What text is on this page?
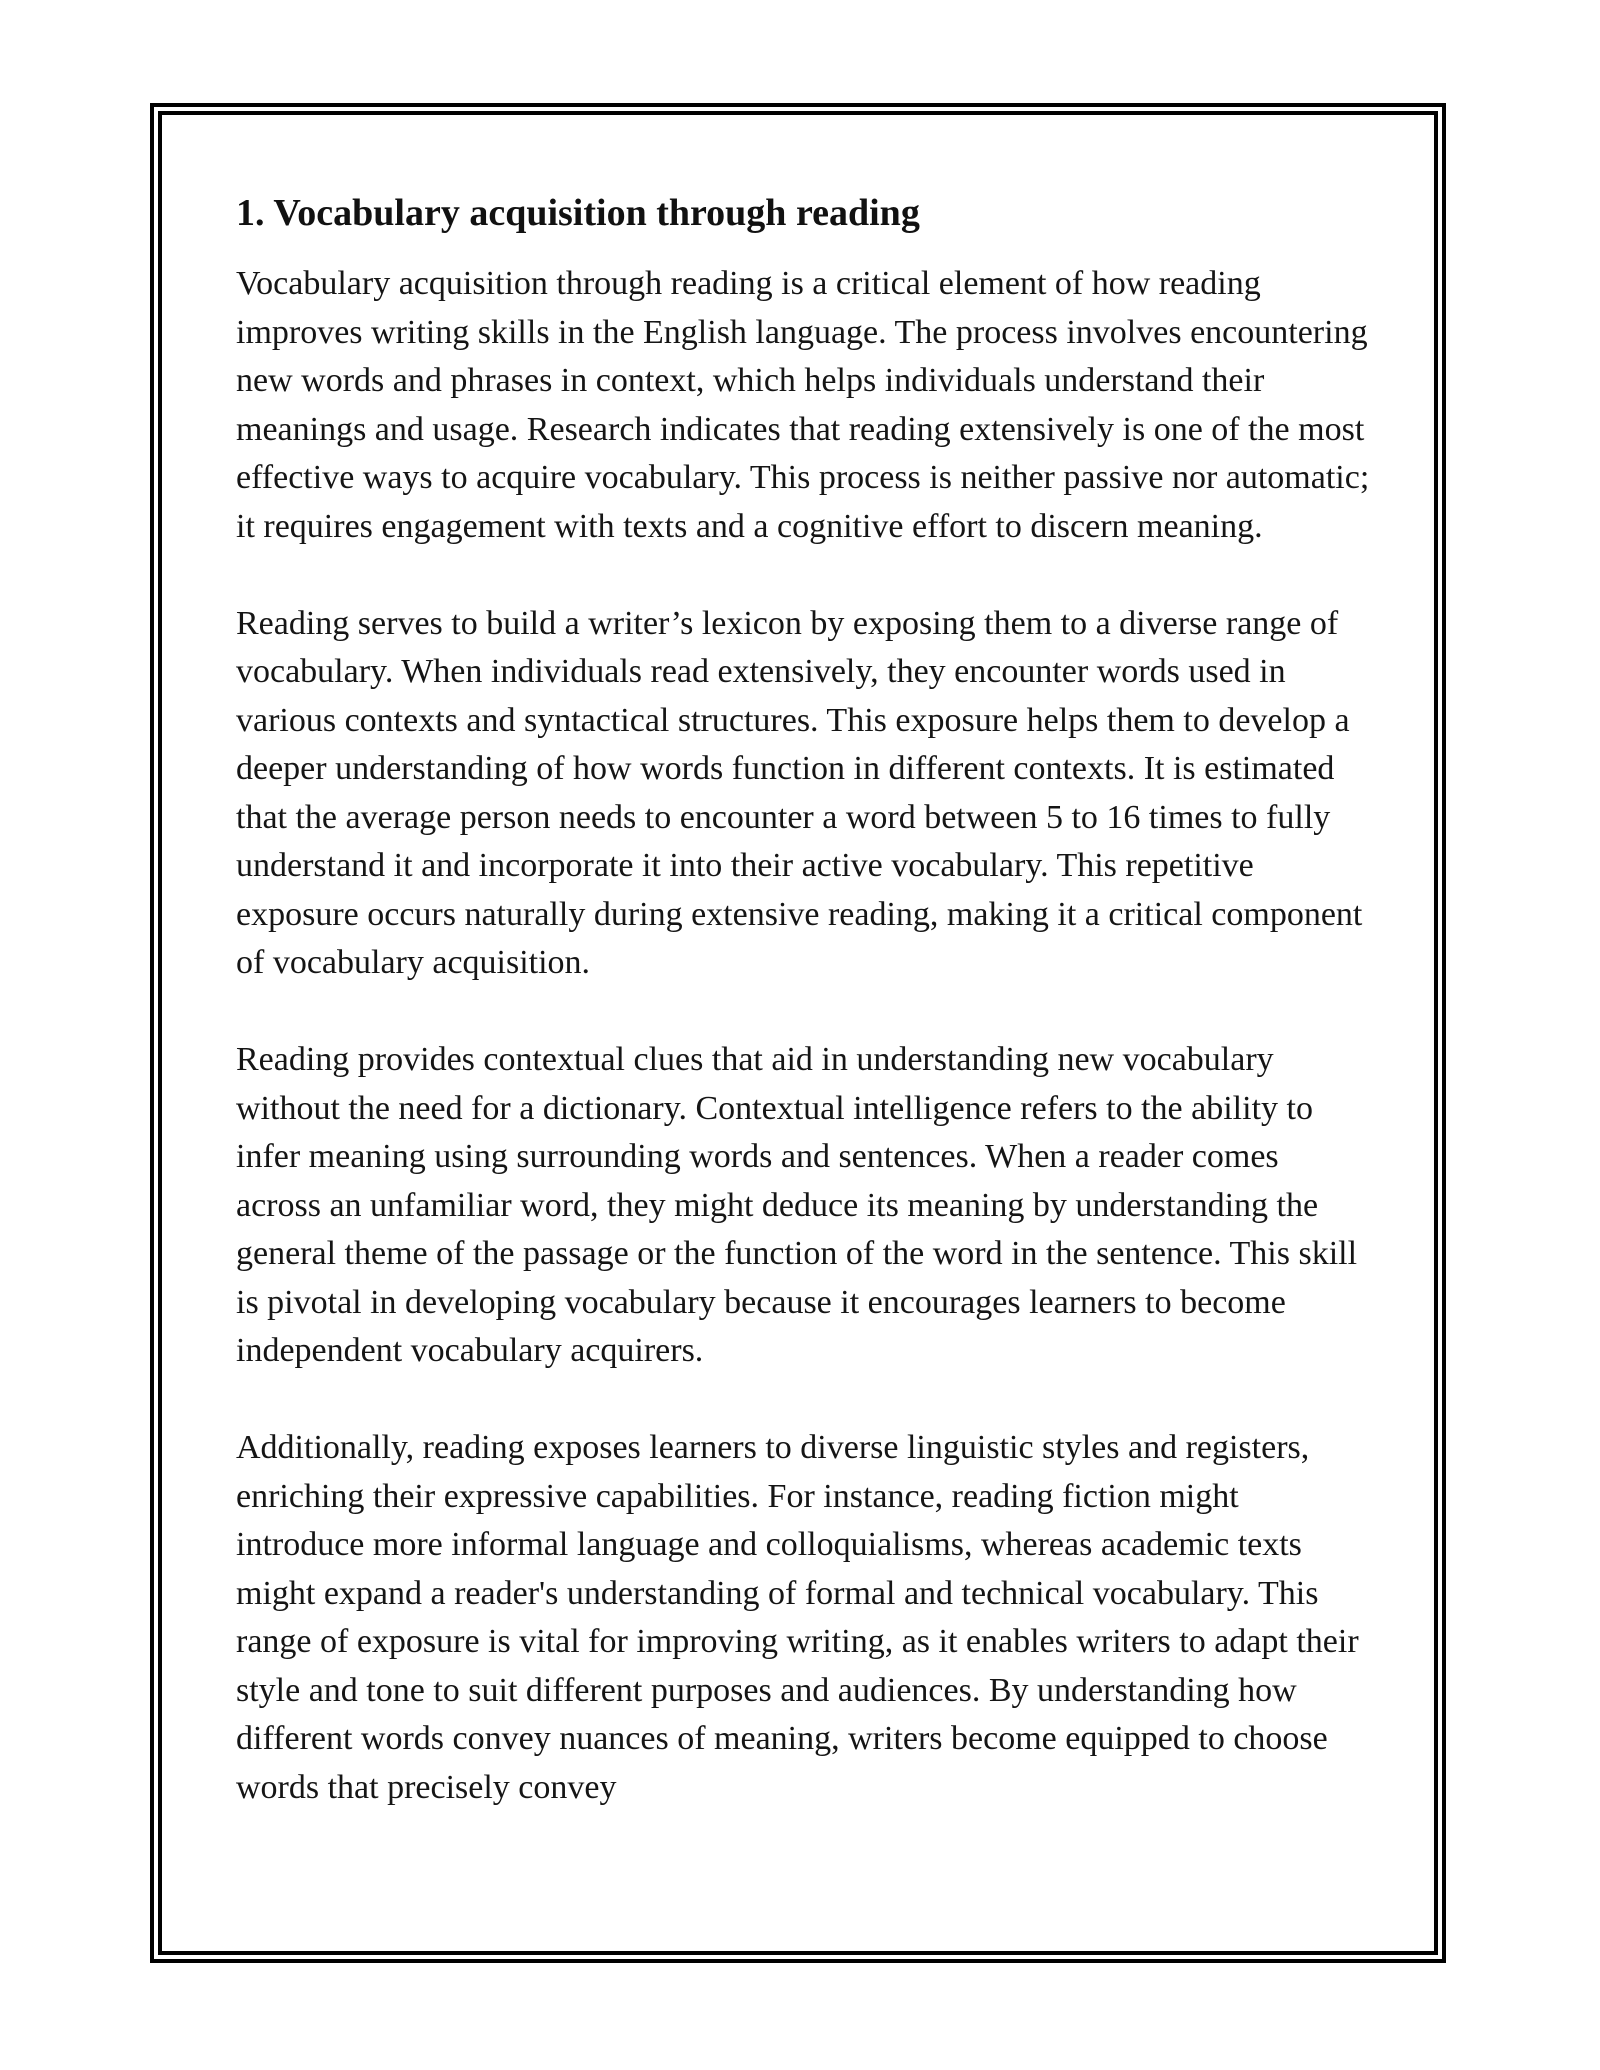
1. Vocabulary acquisition through reading

Vocabulary acquisition through reading is a critical element of how reading improves writing skills in the English language. The process involves encountering new words and phrases in context, which helps individuals understand their meanings and usage. Research indicates that reading extensively is one of the most effective ways to acquire vocabulary. This process is neither passive nor automatic; it requires engagement with texts and a cognitive effort to discern meaning.

Reading serves to build a writer’s lexicon by exposing them to a diverse range of vocabulary. When individuals read extensively, they encounter words used in various contexts and syntactical structures. This exposure helps them to develop a deeper understanding of how words function in different contexts. It is estimated that the average person needs to encounter a word between 5 to 16 times to fully understand it and incorporate it into their active vocabulary. This repetitive exposure occurs naturally during extensive reading, making it a critical component of vocabulary acquisition.

Reading provides contextual clues that aid in understanding new vocabulary without the need for a dictionary. Contextual intelligence refers to the ability to infer meaning using surrounding words and sentences. When a reader comes across an unfamiliar word, they might deduce its meaning by understanding the general theme of the passage or the function of the word in the sentence. This skill is pivotal in developing vocabulary because it encourages learners to become independent vocabulary acquirers.

Additionally, reading exposes learners to diverse linguistic styles and registers, enriching their expressive capabilities. For instance, reading fiction might introduce more informal language and colloquialisms, whereas academic texts might expand a reader's understanding of formal and technical vocabulary. This range of exposure is vital for improving writing, as it enables writers to adapt their style and tone to suit different purposes and audiences. By understanding how different words convey nuances of meaning, writers become equipped to choose words that precisely convey
